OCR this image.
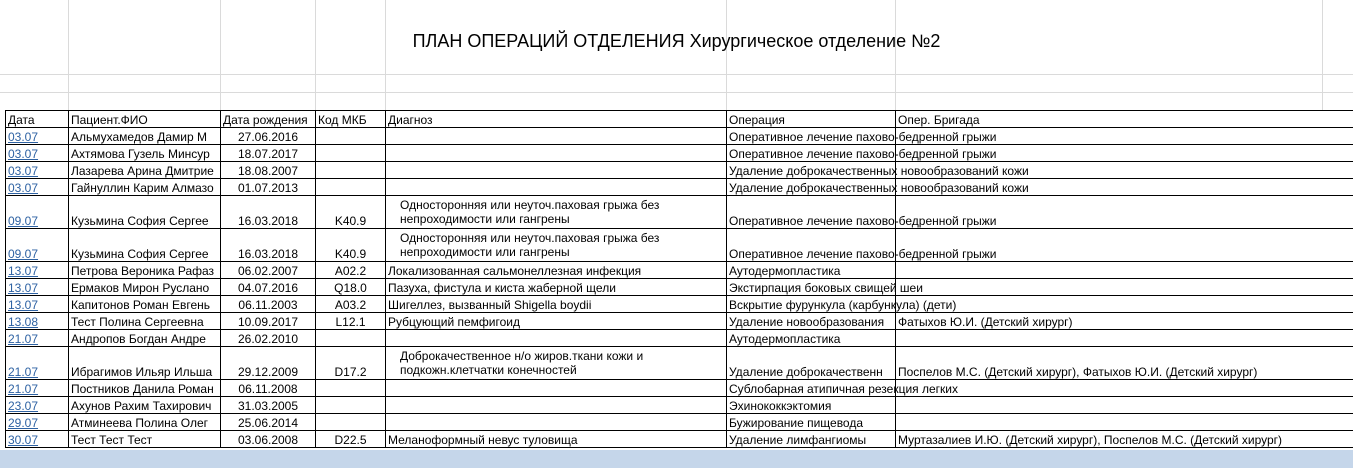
ПЛАН ОПЕРАЦИЙ ОТДЕЛЕНИЯ Хирургическое отделение №2
Дата	Пациент.ФИО	Дата рождения	Код МКБ	Диагноз	Операция	Опер. Бригада
03.07	Альмухамедов Дамир М	27.06.2016			Оперативное лечение пахово-бедренной грыжи	
03.07	Ахтямова Гузель Минсур	18.07.2017			Оперативное лечение пахово-бедренной грыжи	
03.07	Лазарева Арина Дмитрие	18.08.2007			Удаление доброкачественных новообразований кожи	
03.07	Гайнуллин Карим Алмазо	01.07.2013			Удаление доброкачественных новообразований кожи	
09.07	Кузьмина София Сергее	16.03.2018	K40.9	Односторонняя или неуточ.паховая грыжа без непроходимости или гангрены	Оперативное лечение пахово-бедренной грыжи	
09.07	Кузьмина София Сергее	16.03.2018	K40.9	Односторонняя или неуточ.паховая грыжа без непроходимости или гангрены	Оперативное лечение пахово-бедренной грыжи	
13.07	Петрова Вероника Рафаз	06.02.2007	A02.2	Локализованная сальмонеллезная инфекция	Аутодермопластика	
13.07	Ермаков Мирон Руслано	04.07.2016	Q18.0	Пазуха, фистула и киста жаберной щели	Экстирпация боковых свищей шеи	
13.07	Капитонов Роман Евгень	06.11.2003	A03.2	Шигеллез, вызванный Shigella boydii	Вскрытие фурункула (карбункула) (дети)	
13.08	Тест Полина Сергеевна	10.09.2017	L12.1	Рубцующий пемфигоид	Удаление новообразования	Фатыхов Ю.И. (Детский хирург)
21.07	Андропов Богдан Андре	26.02.2010			Аутодермопластика	
21.07	Ибрагимов Ильяр Ильша	29.12.2009	D17.2	Доброкачественное н/о жиров.ткани кожи и подкожн.клетчатки конечностей	Удаление доброкачественн	Поспелов М.С. (Детский хирург), Фатыхов Ю.И. (Детский хирург)
21.07	Постников Данила Роман	06.11.2008			Сублобарная атипичная резекция легких	
23.07	Ахунов Рахим Тахирович	31.03.2005			Эхинококкэктомия	
29.07	Атминеева Полина Олег	25.06.2014			Бужирование пищевода	
30.07	Тест Тест Тест	03.06.2008	D22.5	Меланоформный невус туловища	Удаление лимфангиомы	Муртазалиев И.Ю. (Детский хирург), Поспелов М.С. (Детский хирург)
